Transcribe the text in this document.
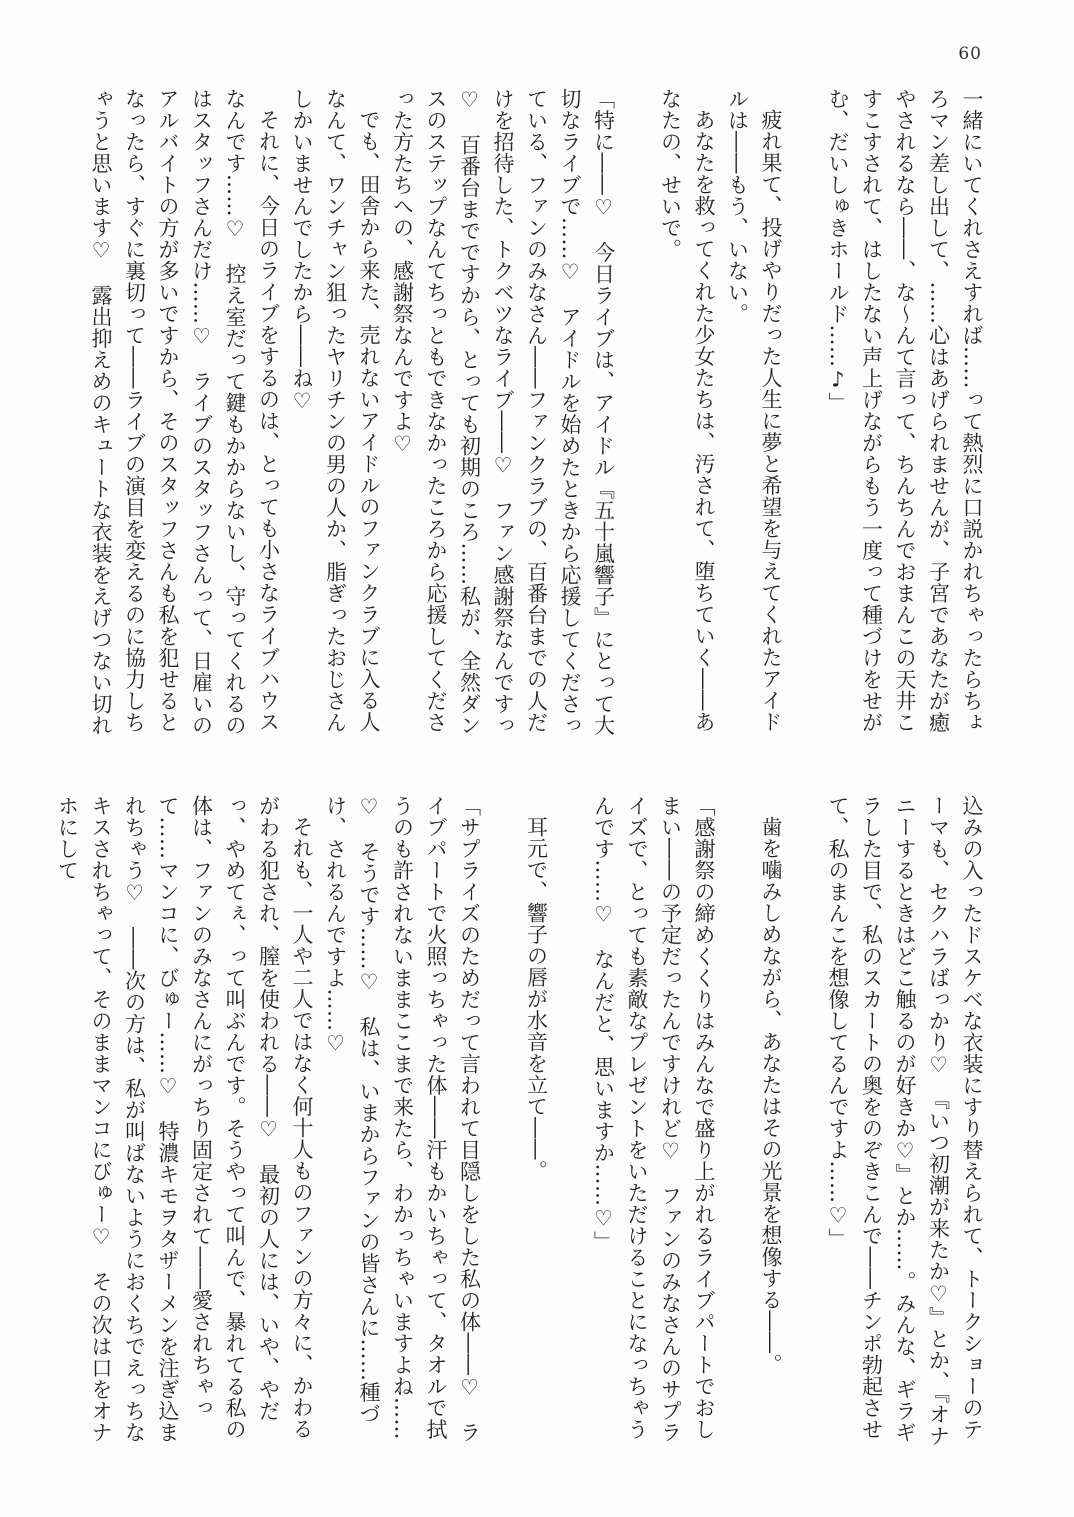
60

一緒にいてくれさえすれば……って熱烈に口説かれちゃったらちょろマン差し出して、……心はあげられませんが、子宮であなたが癒やされるなら――、な～んて言って、ちんちんでおまんこの天井こすこすされて、はしたない声上げながらもう一度って種づけをせがむ、だいしゅきホールド……♪」

疲れ果て、投げやりだった人生に夢と希望を与えてくれたアイドルは――もう、いない。

あなたを救ってくれた少女たちは、汚されて、堕ちていく――あなたの、せいで。

「特に――♡　今日ライブは、アイドル『五十嵐響子』にとって大切なライブで……♡　アイドルを始めたときから応援してくださっている、ファンのみなさん――ファンクラブの、百番台までの人だけを招待した、トクベツなライブ――♡　ファン感謝祭なんですっ♡　百番台までですから、とっても初期のころ……私が、全然ダンスのステップなんてちっともできなかったころから応援してくださった方たちへの、感謝祭なんですよ♡

でも、田舎から来た、売れないアイドルのファンクラブに入る人なんて、ワンチャン狙ったヤリチンの男の人か、脂ぎったおじさんしかいませんでしたから――ね♡

それに、今日のライブをするのは、とっても小さなライブハウスなんです……♡　控え室だって鍵もかからないし、守ってくれるのはスタッフさんだけ……♡　ライブのスタッフさんって、日雇いのアルバイトの方が多いですから、そのスタッフさんも私を犯せるとなったら、すぐに裏切って――ライブの演目を変えるのに協力しちゃうと思います♡　露出抑えめのキュートな衣装をえげつない切れ

込みの入ったドスケベな衣装にすり替えられて、トークショーのテーマも、セクハラばっかり♡　『いつ初潮が来たか♡』とか、『オナニーするときはどこ触るのが好きか♡』とか……。みんな、ギラギラした目で、私のスカートの奥をのぞきこんで――チンポ勃起させて、私のまんこを想像してるんですよ……♡」

歯を噛みしめながら、あなたはその光景を想像する――。

「感謝祭の締めくくりはみんなで盛り上がれるライブパートでおしまい――の予定だったんですけれど♡　ファンのみなさんのサプライズで、とっても素敵なプレゼントをいただけることになっちゃうんです……♡　なんだと、思いますか……♡」

耳元で、響子の唇が水音を立て――。

「サプライズのためだって言われて目隠しをした私の体――♡　ライブパートで火照っちゃった体――汗もかいちゃって、タオルで拭うのも許されないままここまで来たら、わかっちゃいますよね……♡　そうです……♡　私は、いまからファンの皆さんに……種づけ、されるんですよ……♡

それも、一人や二人ではなく何十人ものファンの方々に、かわるがわる犯され、膣を使われる――♡　最初の人には、いや、やだっ、やめてぇ、って叫ぶんです。そうやって叫んで、暴れてる私の体は、ファンのみなさんにがっちり固定されて――愛されちゃって……マンコに、びゅー……♡　特濃キモヲタザーメンを注ぎ込まれちゃう♡　――次の方は、私が叫ばないようにおくちでえっちなキスされちゃって、そのままマンコにびゅー♡　その次は口をオナホにして
